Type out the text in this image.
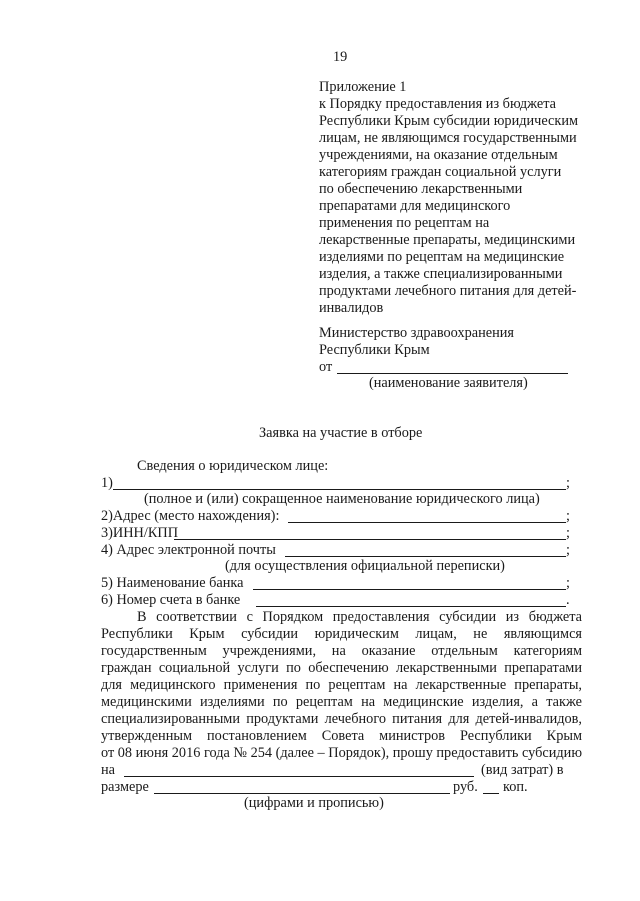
19
Приложение 1
к Порядку предоставления из бюджета
Республики Крым субсидии юридическим
лицам, не являющимся государственными
учреждениями, на оказание отдельным
категориям граждан социальной услуги
по обеспечению лекарственными
препаратами для медицинского
применения по рецептам на
лекарственные препараты, медицинскими
изделиями по рецептам на медицинские
изделия, а также специализированными
продуктами лечебного питания для детей-
инвалидов
Министерство здравоохранения
Республики Крым
от
(наименование заявителя)
Заявка на участие в отборе
Сведения о юридическом лице:
1)	;
(полное и (или) сокращенное наименование юридического лица)
2)Адрес (место нахождения):	;
3)ИНН/КПП	;
4) Адрес электронной почты	;
(для осуществления официальной переписки)
5) Наименование банка	;
6) Номер счета в банке	.
В соответствии с Порядком предоставления субсидии из бюджета
Республики Крым субсидии юридическим лицам, не являющимся
государственным учреждениями, на оказание отдельным категориям
граждан социальной услуги по обеспечению лекарственными препаратами
для медицинского применения по рецептам на лекарственные препараты,
медицинскими изделиями по рецептам на медицинские изделия, а также
специализированными продуктами лечебного питания для детей-инвалидов,
утвержденным постановлением Совета министров Республики Крым
от 08 июня 2016 года № 254 (далее – Порядок), прошу предоставить субсидию
на	(вид затрат) в
размере	руб. коп.
(цифрами и прописью)
